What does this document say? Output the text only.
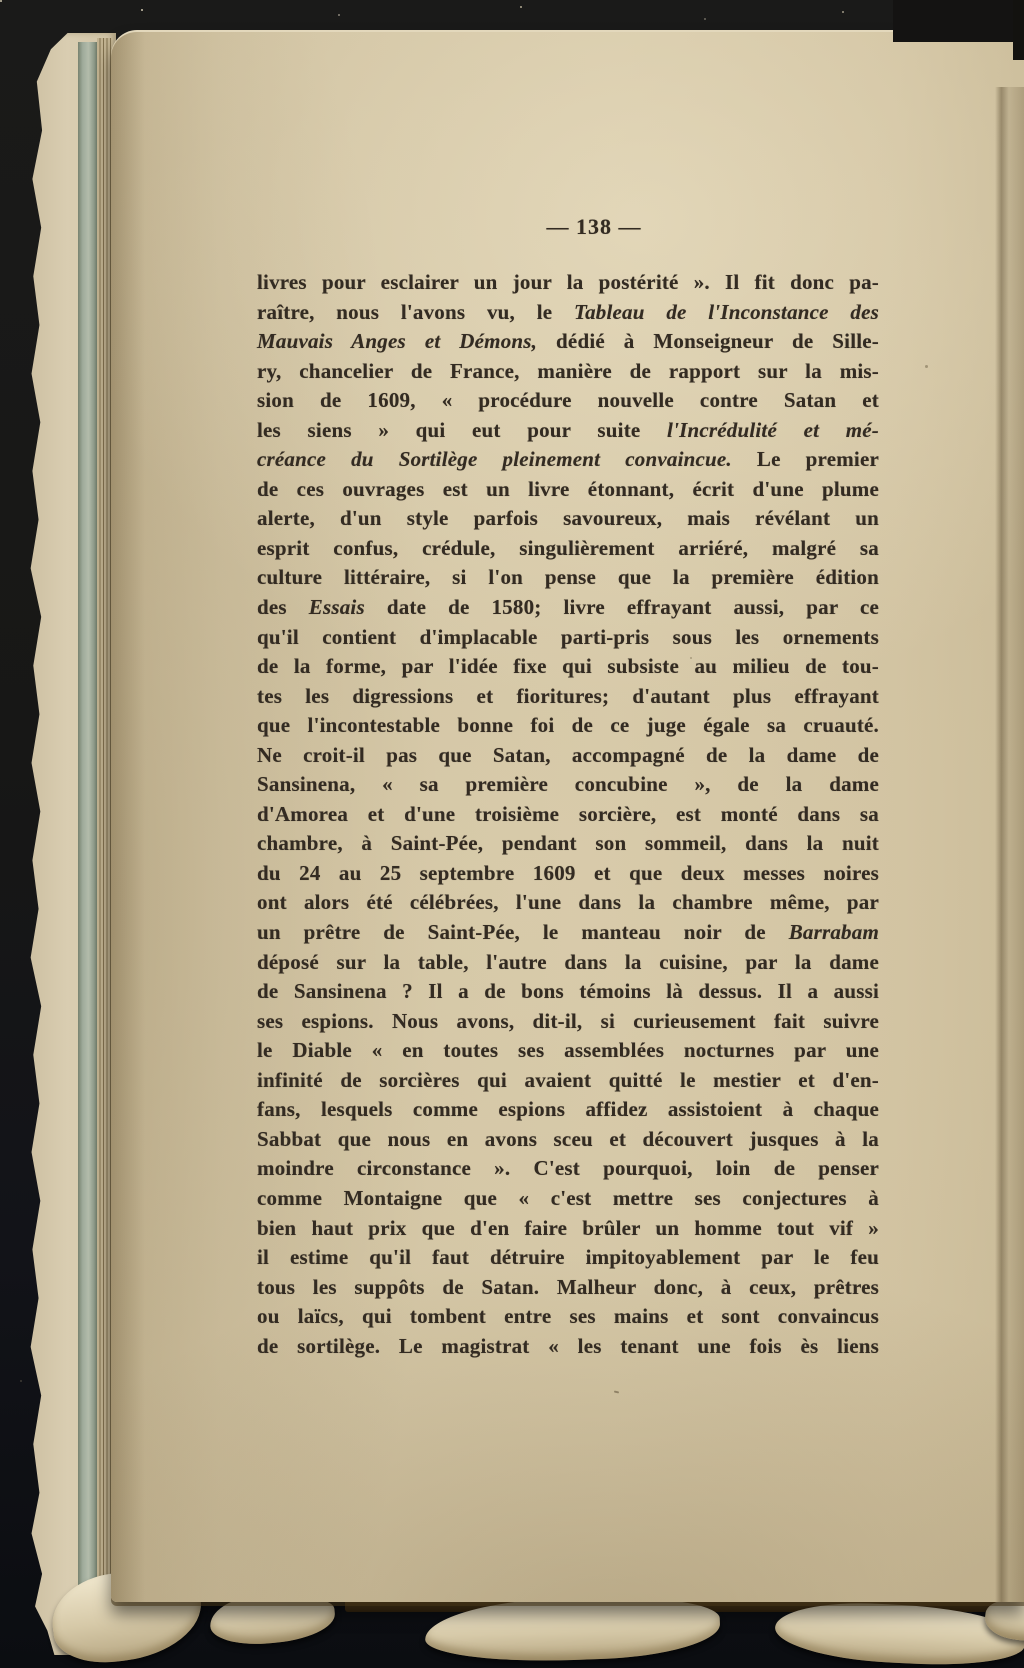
— 138 —
livres pour esclairer un jour la postérité ». Il fit donc pa-
raître, nous l'avons vu, le Tableau de l'Inconstance des
Mauvais Anges et Démons, dédié à Monseigneur de Sille-
ry, chancelier de France, manière de rapport sur la mis-
sion de 1609, « procédure nouvelle contre Satan et
les siens » qui eut pour suite l'Incrédulité et mé-
créance du Sortilège pleinement convaincue. Le premier
de ces ouvrages est un livre étonnant, écrit d'une plume
alerte, d'un style parfois savoureux, mais révélant un
esprit confus, crédule, singulièrement arriéré, malgré sa
culture littéraire, si l'on pense que la première édition
des Essais date de 1580; livre effrayant aussi, par ce
qu'il contient d'implacable parti-pris sous les ornements
de la forme, par l'idée fixe qui subsiste au milieu de tou-
tes les digressions et fioritures; d'autant plus effrayant
que l'incontestable bonne foi de ce juge égale sa cruauté.
Ne croit-il pas que Satan, accompagné de la dame de
Sansinena, « sa première concubine », de la dame
d'Amorea et d'une troisième sorcière, est monté dans sa
chambre, à Saint-Pée, pendant son sommeil, dans la nuit
du 24 au 25 septembre 1609 et que deux messes noires
ont alors été célébrées, l'une dans la chambre même, par
un prêtre de Saint-Pée, le manteau noir de Barrabam
déposé sur la table, l'autre dans la cuisine, par la dame
de Sansinena ? Il a de bons témoins là dessus. Il a aussi
ses espions. Nous avons, dit-il, si curieusement fait suivre
le Diable « en toutes ses assemblées nocturnes par une
infinité de sorcières qui avaient quitté le mestier et d'en-
fans, lesquels comme espions affidez assistoient à chaque
Sabbat que nous en avons sceu et découvert jusques à la
moindre circonstance ». C'est pourquoi, loin de penser
comme Montaigne que « c'est mettre ses conjectures à
bien haut prix que d'en faire brûler un homme tout vif »
il estime qu'il faut détruire impitoyablement par le feu
tous les suppôts de Satan. Malheur donc, à ceux, prêtres
ou laïcs, qui tombent entre ses mains et sont convaincus
de sortilège. Le magistrat « les tenant une fois ès liens
